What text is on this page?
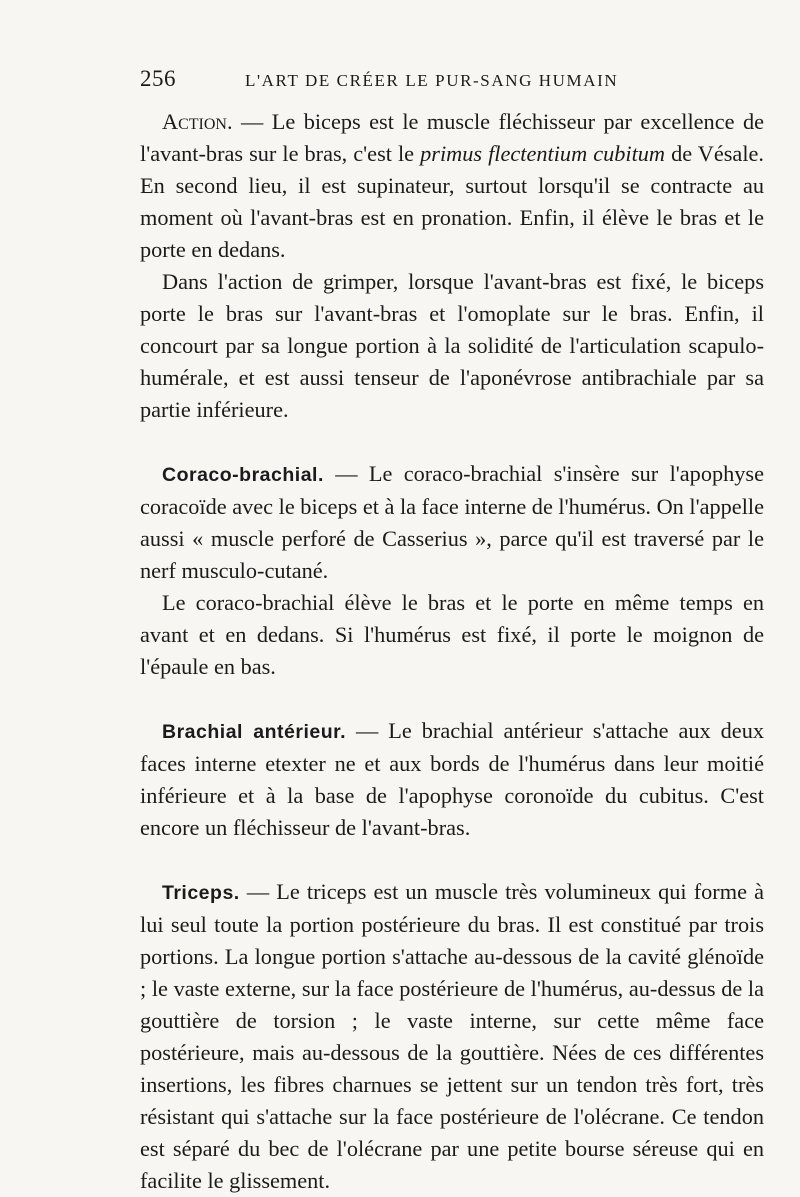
256	L'ART DE CRÉER LE PUR-SANG HUMAIN

Action. — Le biceps est le muscle fléchisseur par excellence de l'avant-bras sur le bras, c'est le primus flectentium cubitum de Vésale. En second lieu, il est supinateur, surtout lorsqu'il se contracte au moment où l'avant-bras est en pronation. Enfin, il élève le bras et le porte en dedans.

Dans l'action de grimper, lorsque l'avant-bras est fixé, le biceps porte le bras sur l'avant-bras et l'omoplate sur le bras. Enfin, il concourt par sa longue portion à la solidité de l'articulation scapulo-humérale, et est aussi tenseur de l'aponévrose antibrachiale par sa partie inférieure.

Coraco-brachial. — Le coraco-brachial s'insère sur l'apophyse coracoïde avec le biceps et à la face interne de l'humérus. On l'appelle aussi « muscle perforé de Casserius », parce qu'il est traversé par le nerf musculo-cutané.

Le coraco-brachial élève le bras et le porte en même temps en avant et en dedans. Si l'humérus est fixé, il porte le moignon de l'épaule en bas.

Brachial antérieur. — Le brachial antérieur s'attache aux deux faces interne etexter ne et aux bords de l'humérus dans leur moitié inférieure et à la base de l'apophyse coronoïde du cubitus. C'est encore un fléchisseur de l'avant-bras.

Triceps. — Le triceps est un muscle très volumineux qui forme à lui seul toute la portion postérieure du bras. Il est constitué par trois portions. La longue portion s'attache au-dessous de la cavité glénoïde ; le vaste externe, sur la face postérieure de l'humérus, au-dessus de la gouttière de torsion ; le vaste interne, sur cette même face postérieure, mais au-dessous de la gouttière. Nées de ces différentes insertions, les fibres charnues se jettent sur un tendon très fort, très résistant qui s'attache sur la face postérieure de l'olécrane. Ce tendon est séparé du bec de l'olécrane par une petite bourse séreuse qui en facilite le glissement.
